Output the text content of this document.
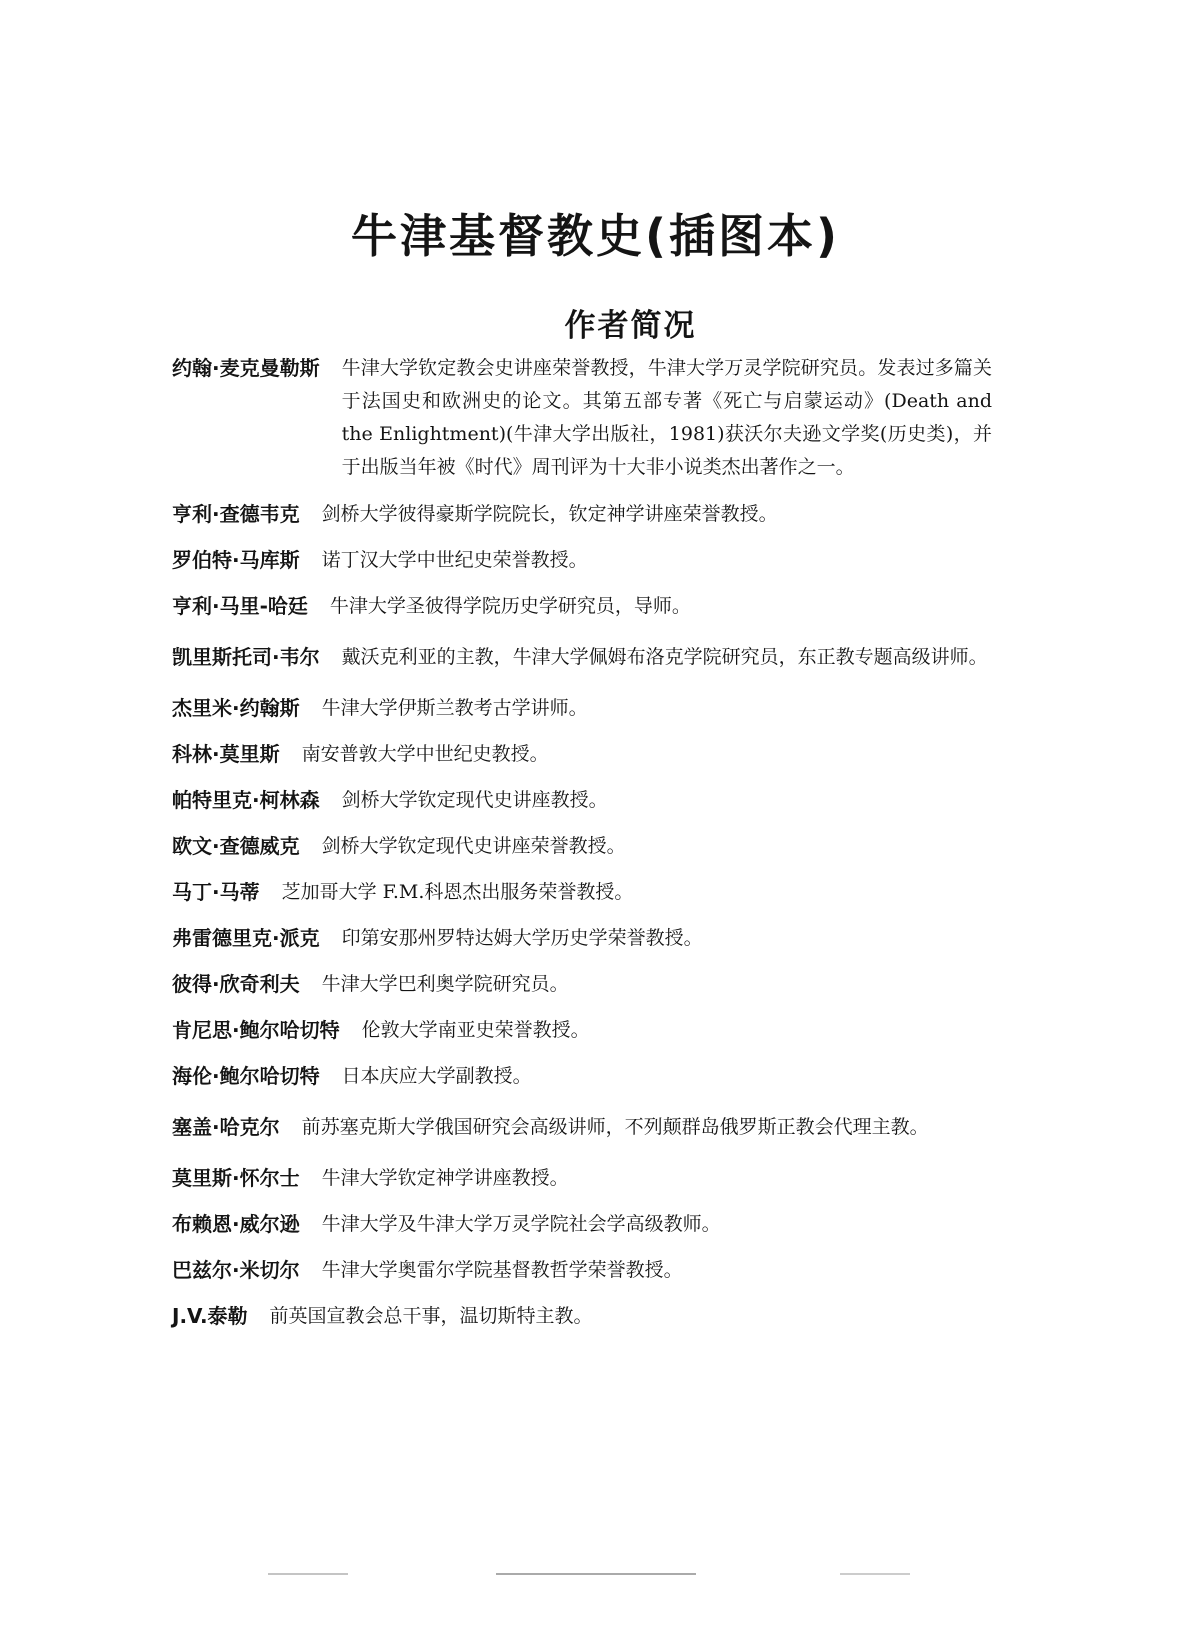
牛津基督教史(插图本)
作者简况
约翰·麦克曼勒斯	牛津大学钦定教会史讲座荣誉教授，牛津大学万灵学院研究员。发表过多篇关于法国史和欧洲史的论文。其第五部专著《死亡与启蒙运动》(Death and the Enlightment)(牛津大学出版社，1981)获沃尔夫逊文学奖(历史类)，并于出版当年被《时代》周刊评为十大非小说类杰出著作之一。
亨利·查德韦克	剑桥大学彼得豪斯学院院长，钦定神学讲座荣誉教授。
罗伯特·马库斯	诺丁汉大学中世纪史荣誉教授。
亨利·马里-哈廷	牛津大学圣彼得学院历史学研究员，导师。
凯里斯托司·韦尔	戴沃克利亚的主教，牛津大学佩姆布洛克学院研究员，东正教专题高级讲师。
杰里米·约翰斯	牛津大学伊斯兰教考古学讲师。
科林·莫里斯	南安普敦大学中世纪史教授。
帕特里克·柯林森	剑桥大学钦定现代史讲座教授。
欧文·查德威克	剑桥大学钦定现代史讲座荣誉教授。
马丁·马蒂	芝加哥大学 F.M.科恩杰出服务荣誉教授。
弗雷德里克·派克	印第安那州罗特达姆大学历史学荣誉教授。
彼得·欣奇利夫	牛津大学巴利奥学院研究员。
肯尼思·鲍尔哈切特	伦敦大学南亚史荣誉教授。
海伦·鲍尔哈切特	日本庆应大学副教授。
塞盖·哈克尔	前苏塞克斯大学俄国研究会高级讲师，不列颠群岛俄罗斯正教会代理主教。
莫里斯·怀尔士	牛津大学钦定神学讲座教授。
布赖恩·威尔逊	牛津大学及牛津大学万灵学院社会学高级教师。
巴兹尔·米切尔	牛津大学奥雷尔学院基督教哲学荣誉教授。
J.V.泰勒	前英国宣教会总干事，温切斯特主教。
